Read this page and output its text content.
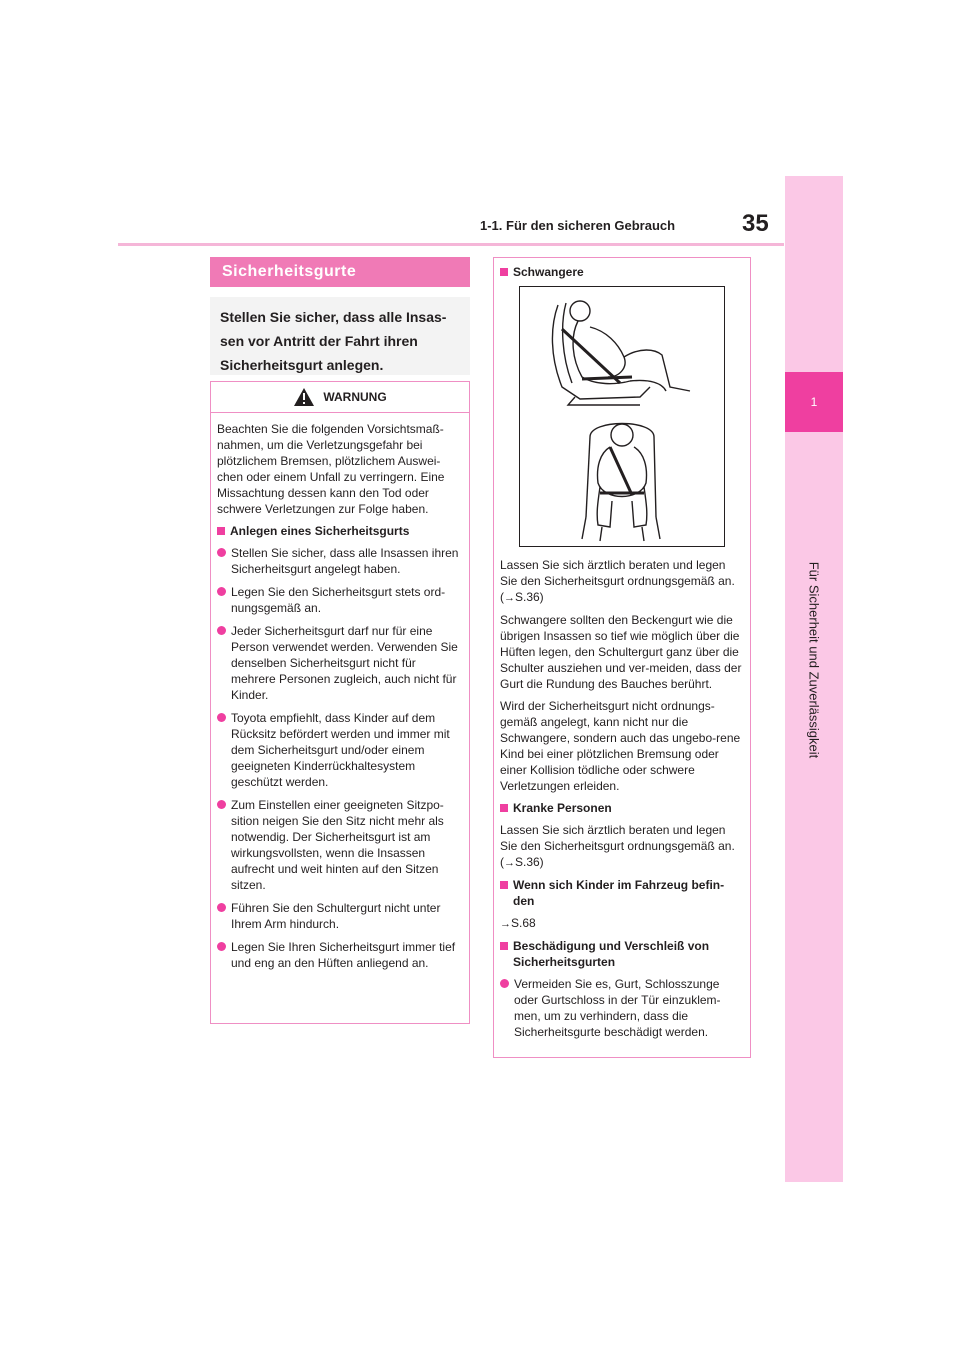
35
1-1. Für den sicheren Gebrauch
1
Für Sicherheit und Zuverlässigkeit
Sicherheitsgurte
Stellen Sie sicher, dass alle Insas-sen vor Antritt der Fahrt ihren Sicherheitsgurt anlegen.
WARNUNG

Beachten Sie die folgenden Vorsichtsmaß-nahmen, um die Verletzungsgefahr bei plötzlichem Bremsen, plötzlichem Auswei-chen oder einem Unfall zu verringern. Eine Missachtung dessen kann den Tod oder schwere Verletzungen zur Folge haben.

Anlegen eines Sicherheitsgurts
Stellen Sie sicher, dass alle Insassen ihren Sicherheitsgurt angelegt haben.
Legen Sie den Sicherheitsgurt stets ord-nungsgemäß an.
Jeder Sicherheitsgurt darf nur für eine Person verwendet werden. Verwenden Sie denselben Sicherheitsgurt nicht für mehrere Personen zugleich, auch nicht für Kinder.
Toyota empfiehlt, dass Kinder auf dem Rücksitz befördert werden und immer mit dem Sicherheitsgurt und/oder einem geeigneten Kinderrückhaltesystem geschützt werden.
Zum Einstellen einer geeigneten Sitzpo-sition neigen Sie den Sitz nicht mehr als notwendig. Der Sicherheitsgurt ist am wirkungsvollsten, wenn die Insassen aufrecht und weit hinten auf den Sitzen sitzen.
Führen Sie den Schultergurt nicht unter Ihrem Arm hindurch.
Legen Sie Ihren Sicherheitsgurt immer tief und eng an den Hüften anliegend an.
Schwangere

Lassen Sie sich ärztlich beraten und legen Sie den Sicherheitsgurt ordnungsgemäß an. (→S.36)

Schwangere sollten den Beckengurt wie die übrigen Insassen so tief wie möglich über die Hüften legen, den Schultergurt ganz über die Schulter ausziehen und ver-meiden, dass der Gurt die Rundung des Bauches berührt.

Wird der Sicherheitsgurt nicht ordnungs-gemäß angelegt, kann nicht nur die Schwangere, sondern auch das ungebo-rene Kind bei einer plötzlichen Bremsung oder einer Kollision tödliche oder schwere Verletzungen erleiden.

Kranke Personen

Lassen Sie sich ärztlich beraten und legen Sie den Sicherheitsgurt ordnungsgemäß an. (→S.36)

Wenn sich Kinder im Fahrzeug befin-den

→S.68

Beschädigung und Verschleiß von Sicherheitsgurten
Vermeiden Sie es, Gurt, Schlosszunge oder Gurtschloss in der Tür einzuklem-men, um zu verhindern, dass die Sicherheitsgurte beschädigt werden.
